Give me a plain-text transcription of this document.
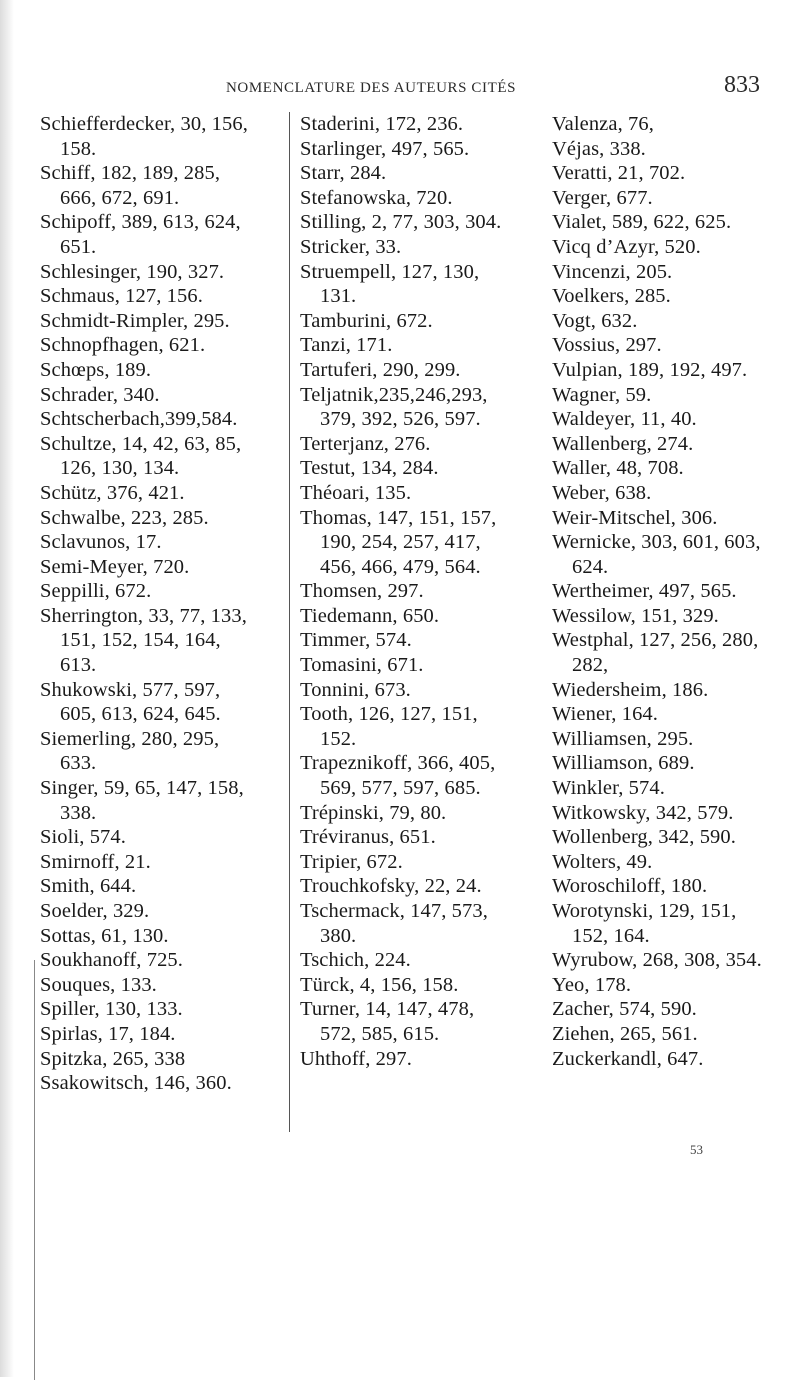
NOMENCLATURE DES AUTEURS CITÉS	833
Schiefferdecker, 30, 156, 158.
Schiff, 182, 189, 285, 666, 672, 691.
Schipoff, 389, 613, 624, 651.
Schlesinger, 190, 327.
Schmaus, 127, 156.
Schmidt-Rimpler, 295.
Schnopfhagen, 621.
Schœps, 189.
Schrader, 340.
Schtscherbach,399,584.
Schultze, 14, 42, 63, 85, 126, 130, 134.
Schütz, 376, 421.
Schwalbe, 223, 285.
Sclavunos, 17.
Semi-Meyer, 720.
Seppilli, 672.
Sherrington, 33, 77, 133, 151, 152, 154, 164, 613.
Shukowski, 577, 597, 605, 613, 624, 645.
Siemerling, 280, 295, 633.
Singer, 59, 65, 147, 158, 338.
Sioli, 574.
Smirnoff, 21.
Smith, 644.
Soelder, 329.
Sottas, 61, 130.
Soukhanoff, 725.
Souques, 133.
Spiller, 130, 133.
Spirlas, 17, 184.
Spitzka, 265, 338
Ssakowitsch, 146, 360.
Staderini, 172, 236.
Starlinger, 497, 565.
Starr, 284.
Stefanowska, 720.
Stilling, 2, 77, 303, 304.
Stricker, 33.
Struempell, 127, 130, 131.
Tamburini, 672.
Tanzi, 171.
Tartuferi, 290, 299.
Teljatnik,235,246,293, 379, 392, 526, 597.
Terterjanz, 276.
Testut, 134, 284.
Théoari, 135.
Thomas, 147, 151, 157, 190, 254, 257, 417, 456, 466, 479, 564.
Thomsen, 297.
Tiedemann, 650.
Timmer, 574.
Tomasini, 671.
Tonnini, 673.
Tooth, 126, 127, 151, 152.
Trapeznikoff, 366, 405, 569, 577, 597, 685.
Trépinski, 79, 80.
Tréviranus, 651.
Tripier, 672.
Trouchkofsky, 22, 24.
Tschermack, 147, 573, 380.
Tschich, 224.
Türck, 4, 156, 158.
Turner, 14, 147, 478, 572, 585, 615.
Uhthoff, 297.
Valenza, 76,
Véjas, 338.
Veratti, 21, 702.
Verger, 677.
Vialet, 589, 622, 625.
Vicq d’Azyr, 520.
Vincenzi, 205.
Voelkers, 285.
Vogt, 632.
Vossius, 297.
Vulpian, 189, 192, 497.
Wagner, 59.
Waldeyer, 11, 40.
Wallenberg, 274.
Waller, 48, 708.
Weber, 638.
Weir-Mitschel, 306.
Wernicke, 303, 601, 603, 624.
Wertheimer, 497, 565.
Wessilow, 151, 329.
Westphal, 127, 256, 280, 282,
Wiedersheim, 186.
Wiener, 164.
Williamsen, 295.
Williamson, 689.
Winkler, 574.
Witkowsky, 342, 579.
Wollenberg, 342, 590.
Wolters, 49.
Woroschiloff, 180.
Worotynski, 129, 151, 152, 164.
Wyrubow, 268, 308, 354.
Yeo, 178.
Zacher, 574, 590.
Ziehen, 265, 561.
Zuckerkandl, 647.
53
